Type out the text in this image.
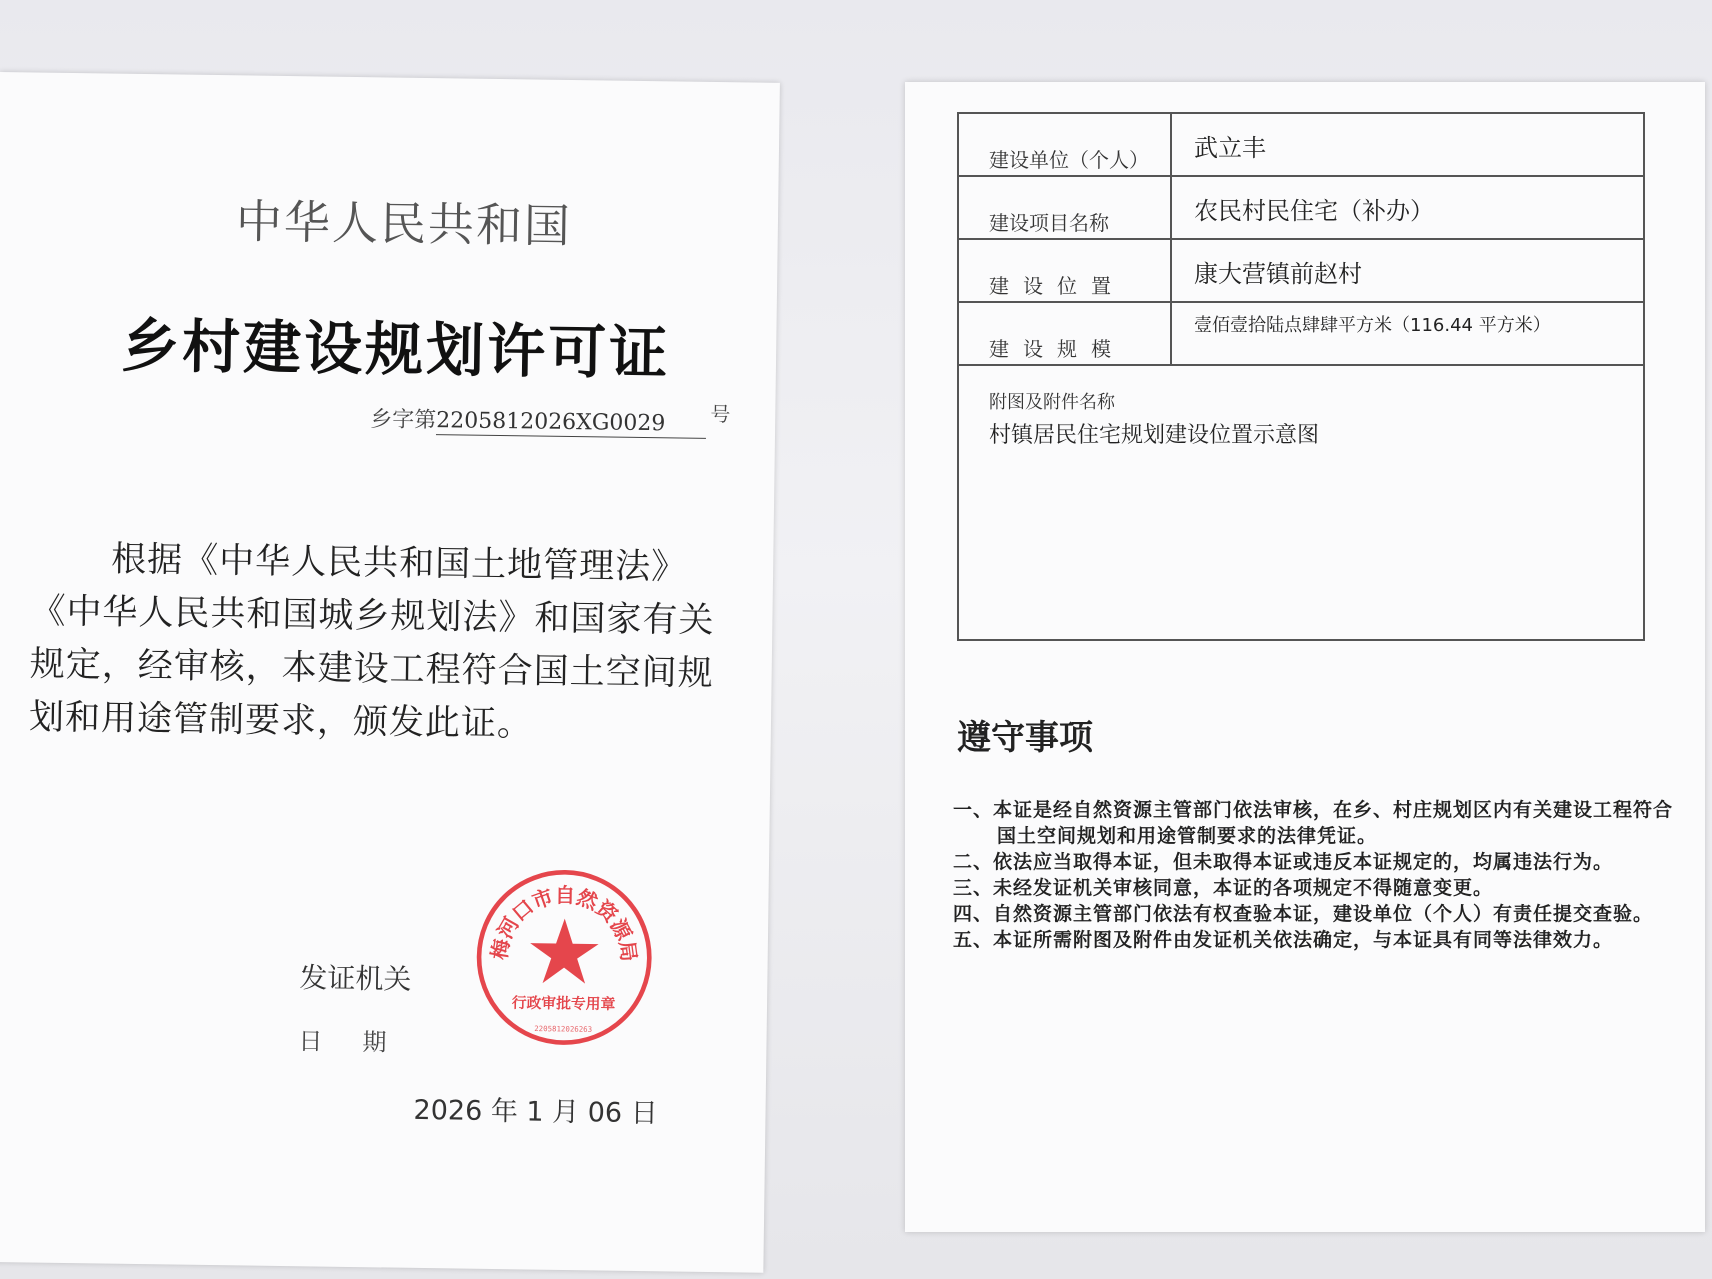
中华人民共和国
乡村建设规划许可证
乡字第2205812026XG0029 号
根据《中华人民共和国土地管理法》《中华人民共和国城乡规划法》和国家有关规定，经审核，本建设工程符合国土空间规划和用途管制要求，颁发此证。
发证机关
日期
2026 年 1 月 06 日
梅河口市自然资源局
行政审批专用章
2205812026263
建设单位（个人）	武立丰
建设项目名称	农民村民住宅（补办）
建设位置	康大营镇前赵村
建设规模	壹佰壹拾陆点肆肆平方米（116.44 平方米）

附图及附件名称
村镇居民住宅规划建设位置示意图	
遵守事项
一、本证是经自然资源主管部门依法审核，在乡、村庄规划区内有关建设工程符合国土空间规划和用途管制要求的法律凭证。
二、依法应当取得本证，但未取得本证或违反本证规定的，均属违法行为。
三、未经发证机关审核同意，本证的各项规定不得随意变更。
四、自然资源主管部门依法有权查验本证，建设单位（个人）有责任提交查验。
五、本证所需附图及附件由发证机关依法确定，与本证具有同等法律效力。
